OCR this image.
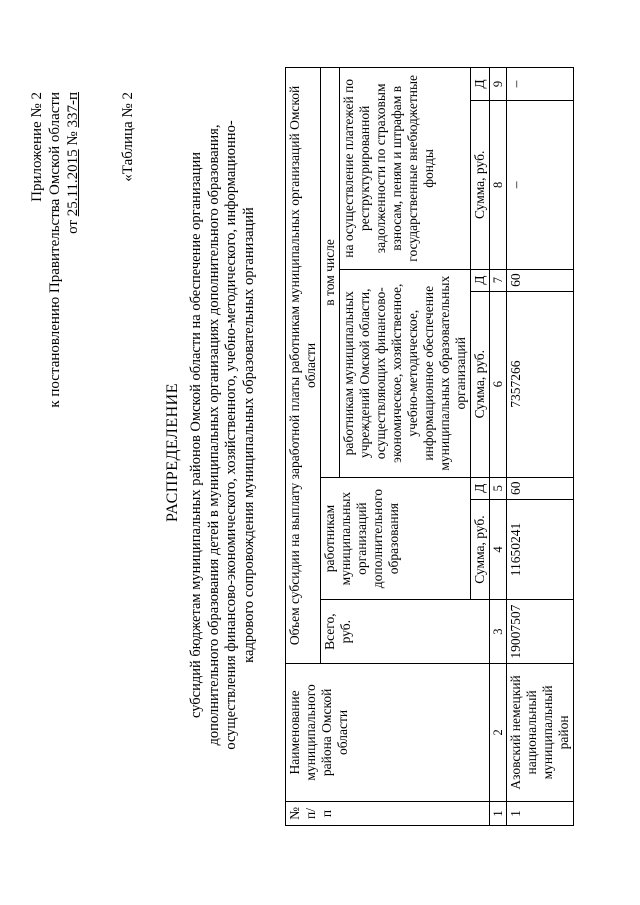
Приложение № 2 к постановлению Правительства Омской области от 25.11.2015 № 337-п	«Таблица № 2
РАСПРЕДЕЛЕНИЕ субсидий бюджетам муниципальных районов Омской области на обеспечение организации дополнительного образования детей в муниципальных организациях дополнительного образования, осуществления финансово-экономического, хозяйственного, учебно-методического, информационно-кадрового сопровождения муниципальных образовательных организаций
№ п/п	Наименование муниципального района Омской области	Объем субсидии на выплату заработной платы работникам муниципальных организаций Омской области						
		Всего, руб.	работникам муниципальных организаций дополнительного образования		в том числе			
					работникам муниципальных учреждений Омской области, осуществляющих финансово-экономическое, хозяйственное, учебно-методическое, информационное обеспечение муниципальных образовательных организаций		на осуществление платежей по реструктурированной задолженности по страховым взносам, пеням и штрафам в государственные внебюджетные фонды	
			Сумма, руб.	Д	Сумма, руб.	Д	Сумма, руб.	Д
1	2	3	4	5	6	7	8	9
1	Азовский немецкий национальный муниципальный район	19007507	11650241	60	7357266	60	–	–
